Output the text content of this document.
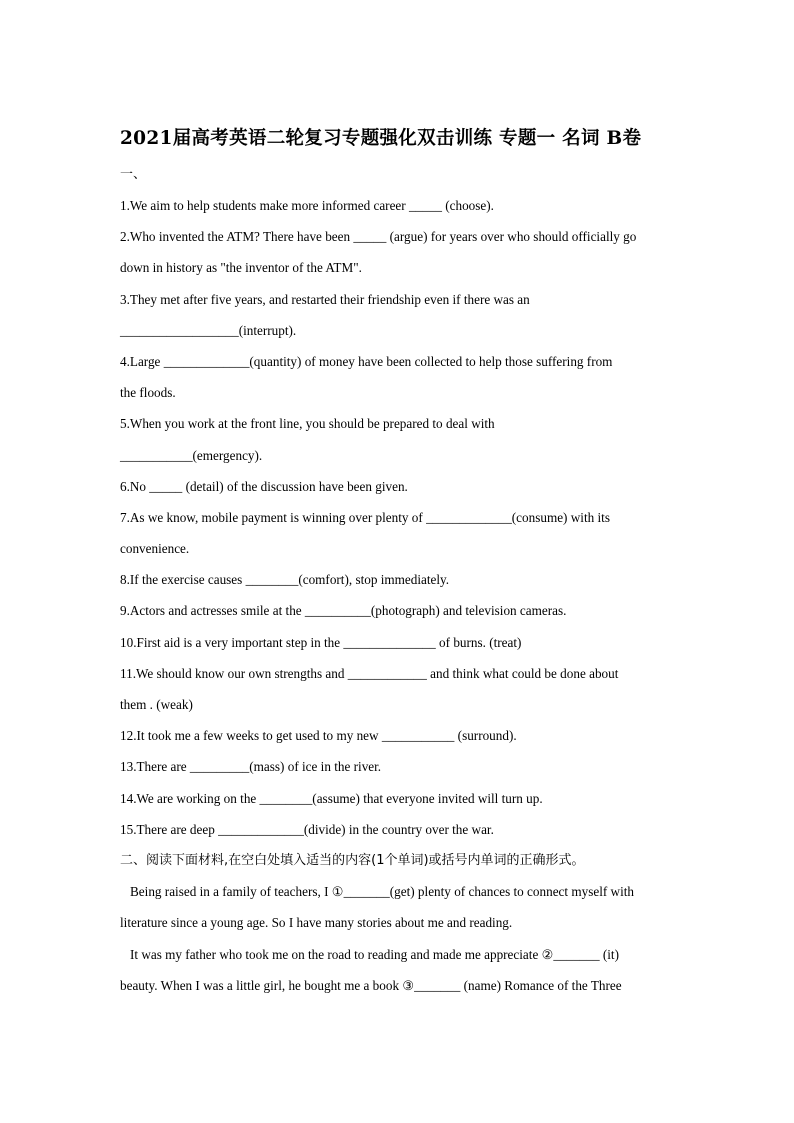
2021届高考英语二轮复习专题强化双击训练 专题一 名词 B卷
一、
1.We aim to help students make more informed career _____ (choose).
2.Who invented the ATM? There have been _____ (argue) for years over who should officially go
down in history as "the inventor of the ATM".
3.They met after five years, and restarted their friendship even if there was an
__________________(interrupt).
4.Large _____________(quantity) of money have been collected to help those suffering from
the floods.
5.When you work at the front line, you should be prepared to deal with
___________(emergency).
6.No _____ (detail) of the discussion have been given.
7.As we know, mobile payment is winning over plenty of _____________(consume) with its
convenience.
8.If the exercise causes ________(comfort), stop immediately.
9.Actors and actresses smile at the __________(photograph) and television cameras.
10.First aid is a very important step in the ______________ of burns. (treat)
11.We should know our own strengths and ____________ and think what could be done about
them . (weak)
12.It took me a few weeks to get used to my new ___________ (surround).
13.There are _________(mass) of ice in the river.
14.We are working on the ________(assume) that everyone invited will turn up.
15.There are deep _____________(divide) in the country over the war.
二、阅读下面材料,在空白处填入适当的内容(1个单词)或括号内单词的正确形式。
Being raised in a family of teachers, I ①_______(get) plenty of chances to connect myself with
literature since a young age. So I have many stories about me and reading.
It was my father who took me on the road to reading and made me appreciate ②_______ (it)
beauty. When I was a little girl, he bought me a book ③_______ (name) Romance of the Three
